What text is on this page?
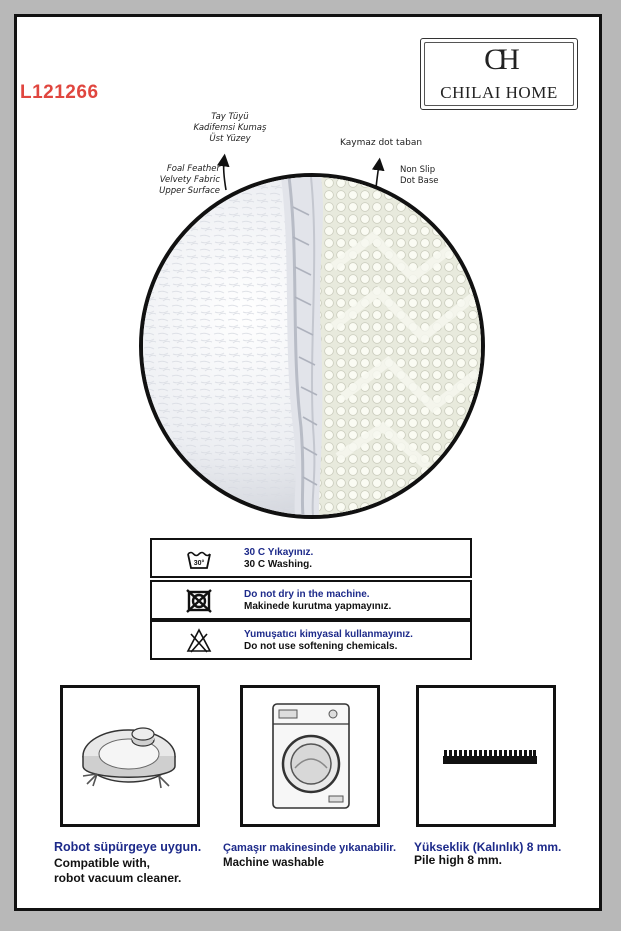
L121266
CH
CHILAI HOME
Tay Tüyü
Kadifemsi Kumaş
Üst Yüzey
Foal Feather
Velvety Fabric
Upper Surface
Kaymaz dot taban
Non Slip
Dot Base
30°
30 C Yıkayınız.
30 C Washing.
Do not dry in the machine.
Makinede kurutma yapmayınız.
Yumuşatıcı kimyasal kullanmayınız.
Do not use softening chemicals.
Robot süpürgeye uygun.
Compatible with,
robot vacuum cleaner.
Çamaşır makinesinde yıkanabilir.
Machine washable
Yükseklik (Kalınlık) 8 mm.
Pile high 8 mm.
